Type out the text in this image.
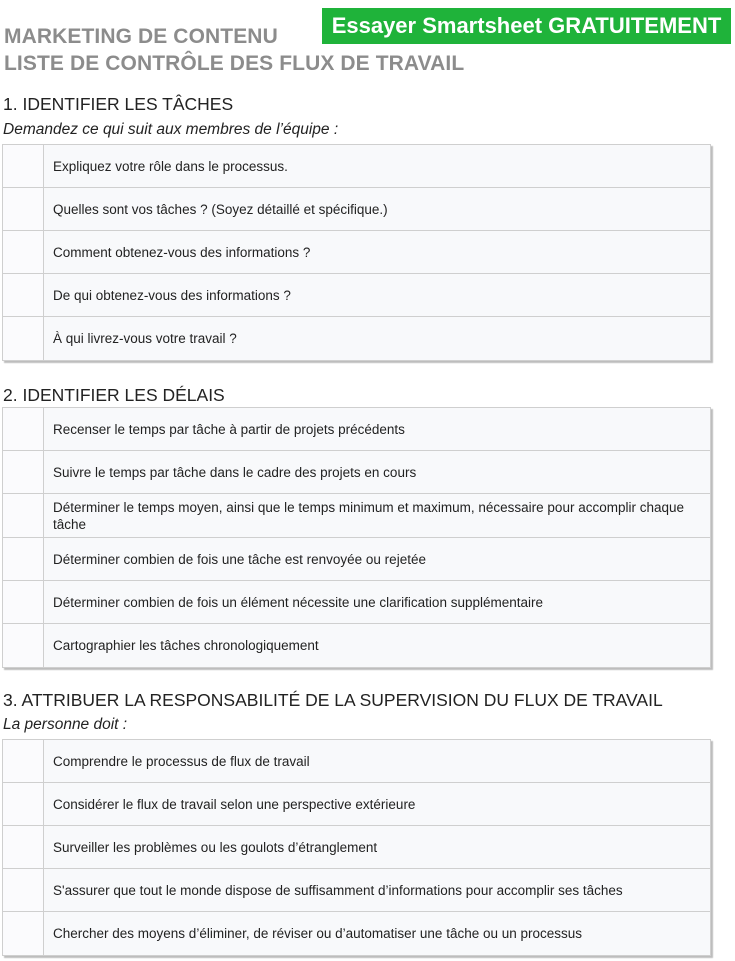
MARKETING DE CONTENU
LISTE DE CONTRÔLE DES FLUX DE TRAVAIL
Essayer Smartsheet GRATUITEMENT
1. IDENTIFIER LES TÂCHES
Demandez ce qui suit aux membres de l’équipe :
Expliquez votre rôle dans le processus.
Quelles sont vos tâches ? (Soyez détaillé et spécifique.)
Comment obtenez-vous des informations ?
De qui obtenez-vous des informations ?
À qui livrez-vous votre travail ?
2. IDENTIFIER LES DÉLAIS
Recenser le temps par tâche à partir de projets précédents
Suivre le temps par tâche dans le cadre des projets en cours
Déterminer le temps moyen, ainsi que le temps minimum et maximum, nécessaire pour accomplir chaque tâche
Déterminer combien de fois une tâche est renvoyée ou rejetée
Déterminer combien de fois un élément nécessite une clarification supplémentaire
Cartographier les tâches chronologiquement
3. ATTRIBUER LA RESPONSABILITÉ DE LA SUPERVISION DU FLUX DE TRAVAIL
La personne doit :
Comprendre le processus de flux de travail
Considérer le flux de travail selon une perspective extérieure
Surveiller les problèmes ou les goulots d’étranglement
S'assurer que tout le monde dispose de suffisamment d’informations pour accomplir ses tâches
Chercher des moyens d’éliminer, de réviser ou d’automatiser une tâche ou un processus
